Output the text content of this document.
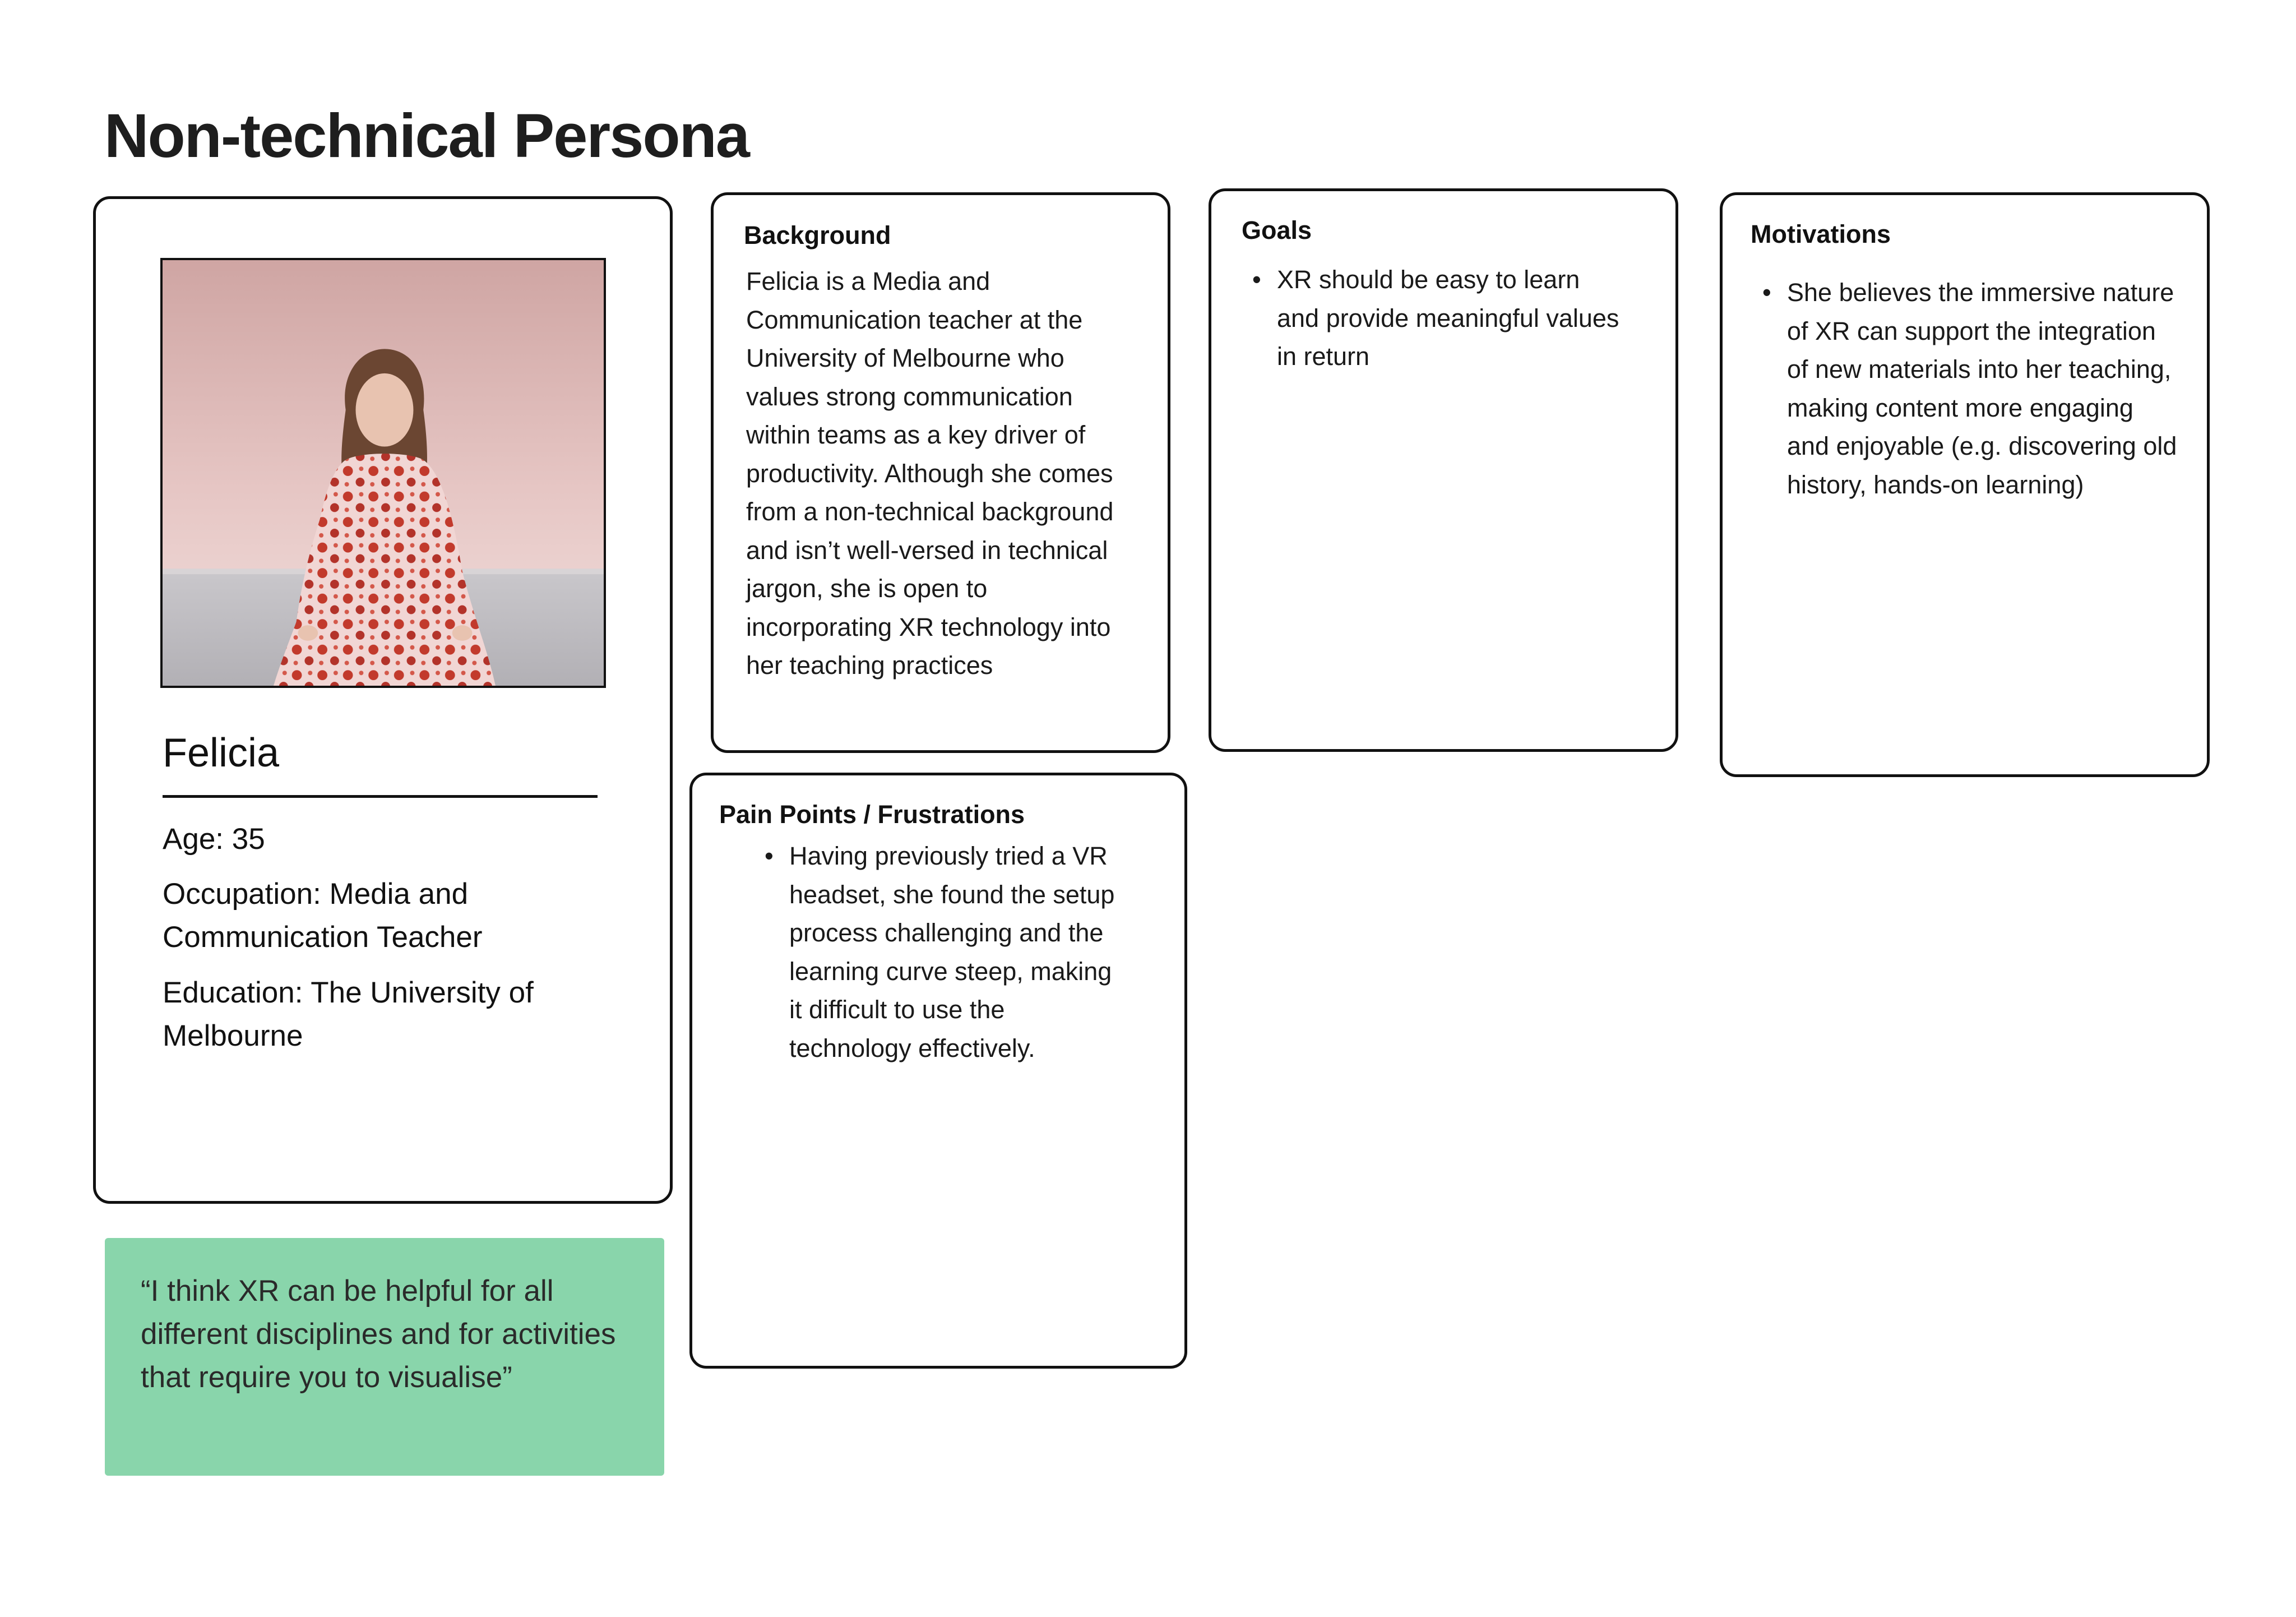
Non-technical Persona
Felicia
Age: 35
Occupation: Media and Communication Teacher
Education: The University of Melbourne
“I think XR can be helpful for all different disciplines and for activities that require you to visualise”
Background
Felicia is a Media and Communication teacher at the University of Melbourne who values strong communication within teams as a key driver of productivity. Although she comes from a non-technical background and isn’t well-versed in technical jargon, she is open to incorporating XR technology into her teaching practices
Pain Points / Frustrations
• Having previously tried a VR headset, she found the setup process challenging and the learning curve steep, making it difficult to use the technology effectively.
Goals
• XR should be easy to learn and provide meaningful values in return
Motivations
• She believes the immersive nature of XR can support the integration of new materials into her teaching, making content more engaging and enjoyable (e.g. discovering old history, hands-on learning)
